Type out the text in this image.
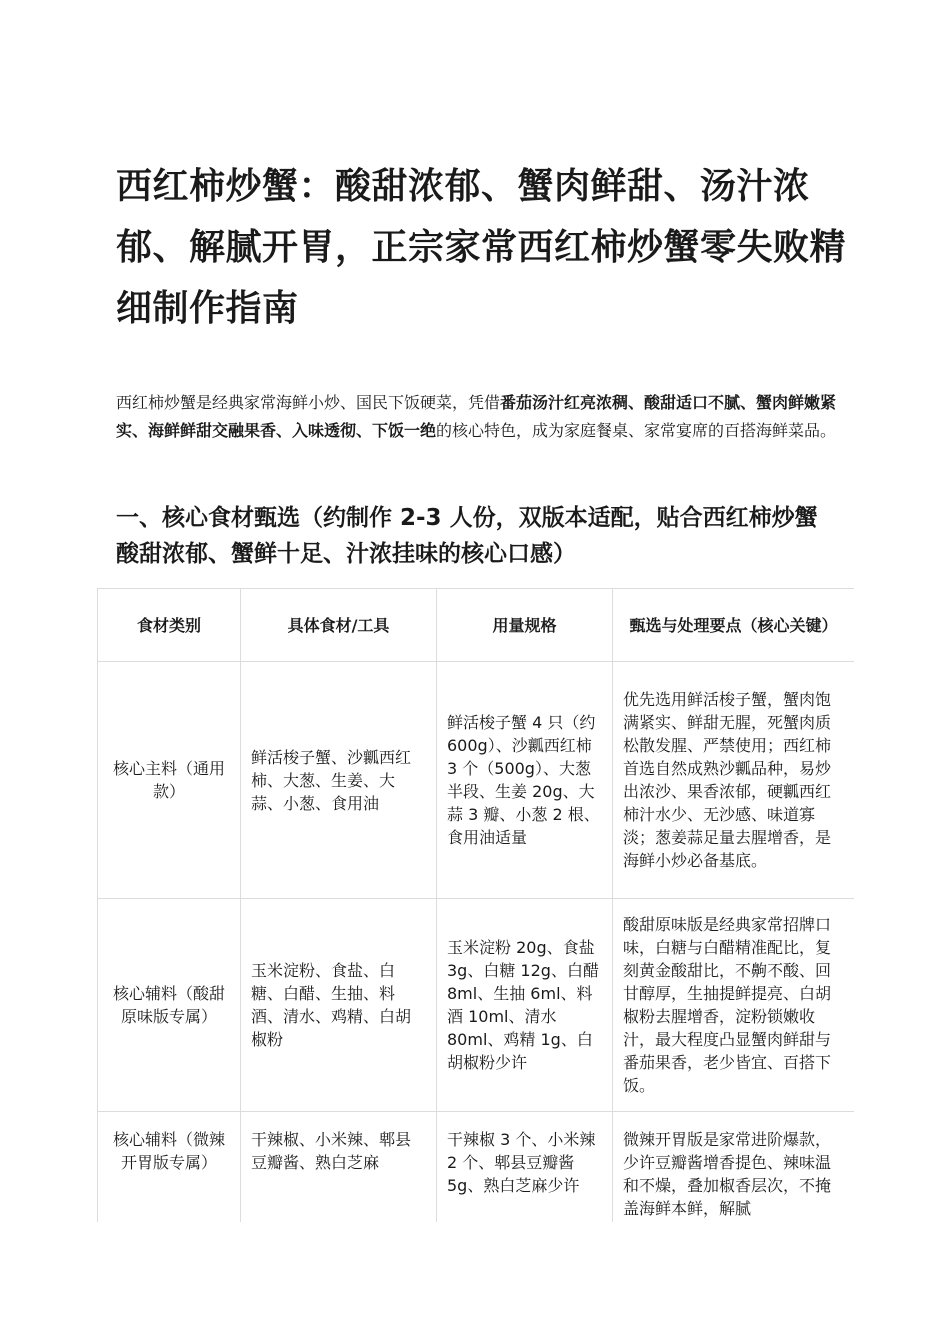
西红柿炒蟹：酸甜浓郁、蟹肉鲜甜、汤汁浓郁、解腻开胃，正宗家常西红柿炒蟹零失败精细制作指南

西红柿炒蟹是经典家常海鲜小炒、国民下饭硬菜，凭借番茄汤汁红亮浓稠、酸甜适口不腻、蟹肉鲜嫩紧实、海鲜鲜甜交融果香、入味透彻、下饭一绝的核心特色，成为家庭餐桌、家常宴席的百搭海鲜菜品。

一、核心食材甄选（约制作 2-3 人份，双版本适配，贴合西红柿炒蟹酸甜浓郁、蟹鲜十足、汁浓挂味的核心口感）
食材类别	具体食材/工具	用量规格	甄选与处理要点（核心关键）
核心主料（通用款）	鲜活梭子蟹、沙瓤西红柿、大葱、生姜、大蒜、小葱、食用油	鲜活梭子蟹 4 只（约 600g）、沙瓤西红柿 3 个（500g）、大葱半段、生姜 20g、大蒜 3 瓣、小葱 2 根、食用油适量	优先选用鲜活梭子蟹，蟹肉饱满紧实、鲜甜无腥，死蟹肉质松散发腥、严禁使用；西红柿首选自然成熟沙瓤品种，易炒出浓沙、果香浓郁，硬瓤西红柿汁水少、无沙感、味道寡淡；葱姜蒜足量去腥增香，是海鲜小炒必备基底。
核心辅料（酸甜原味版专属）	玉米淀粉、食盐、白糖、白醋、生抽、料酒、清水、鸡精、白胡椒粉	玉米淀粉 20g、食盐 3g、白糖 12g、白醋 8ml、生抽 6ml、料酒 10ml、清水 80ml、鸡精 1g、白胡椒粉少许	酸甜原味版是经典家常招牌口味，白糖与白醋精准配比，复刻黄金酸甜比，不齁不酸、回甘醇厚，生抽提鲜提亮、白胡椒粉去腥增香，淀粉锁嫩收汁，最大程度凸显蟹肉鲜甜与番茄果香，老少皆宜、百搭下饭。
核心辅料（微辣开胃版专属）	干辣椒、小米辣、郫县豆瓣酱、熟白芝麻	干辣椒 3 个、小米辣 2 个、郫县豆瓣酱 5g、熟白芝麻少许	微辣开胃版是家常进阶爆款，少许豆瓣酱增香提色、辣味温和不燥，叠加椒香层次，不掩盖海鲜本鲜，解腻
